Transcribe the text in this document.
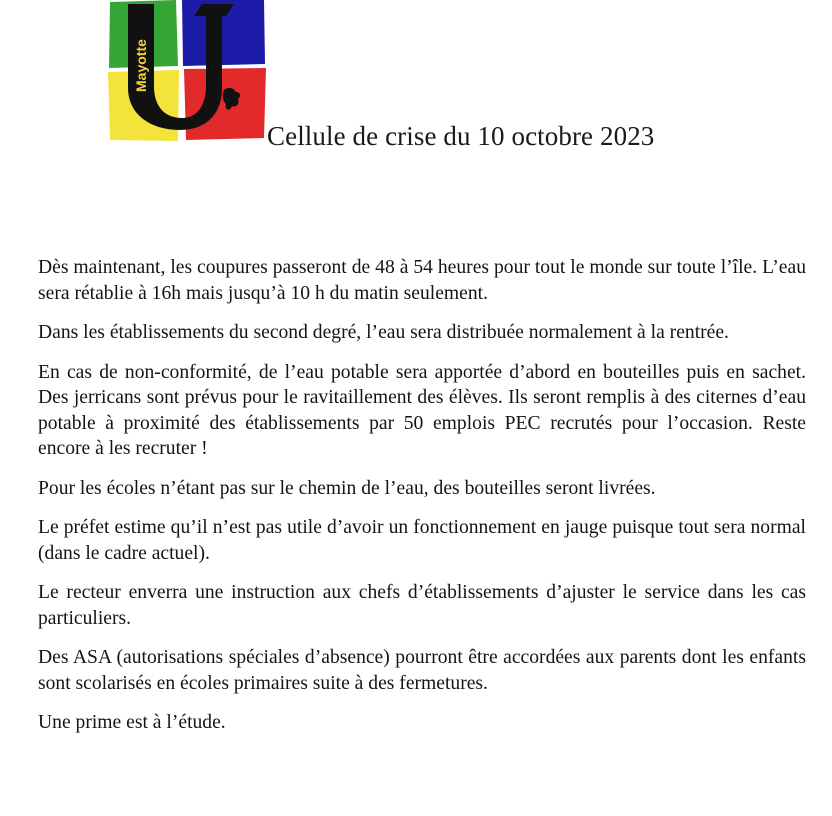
Mayotte
Cellule de crise du 10 octobre 2023

Dès maintenant, les coupures passeront de 48 à 54 heures pour tout le monde sur toute l’île. L’eau sera rétablie à 16h mais jusqu’à 10 h du matin seulement.

Dans les établissements du second degré, l’eau sera distribuée normalement à la rentrée.

En cas de non-conformité, de l’eau potable sera apportée d’abord en bouteilles puis en sachet. Des jerricans sont prévus pour le ravitaillement des élèves. Ils seront remplis à des citernes d’eau potable à proximité des établissements par 50 emplois PEC recrutés pour l’occasion. Reste encore à les recruter !

Pour les écoles n’étant pas sur le chemin de l’eau, des bouteilles seront livrées.

Le préfet estime qu’il n’est pas utile d’avoir un fonctionnement en jauge puisque tout sera normal (dans le cadre actuel).

Le recteur enverra une instruction aux chefs d’établissements d’ajuster le service dans les cas particuliers.

Des ASA (autorisations spéciales d’absence) pourront être accordées aux parents dont les enfants sont scolarisés en écoles primaires suite à des fermetures.

Une prime est à l’étude.
